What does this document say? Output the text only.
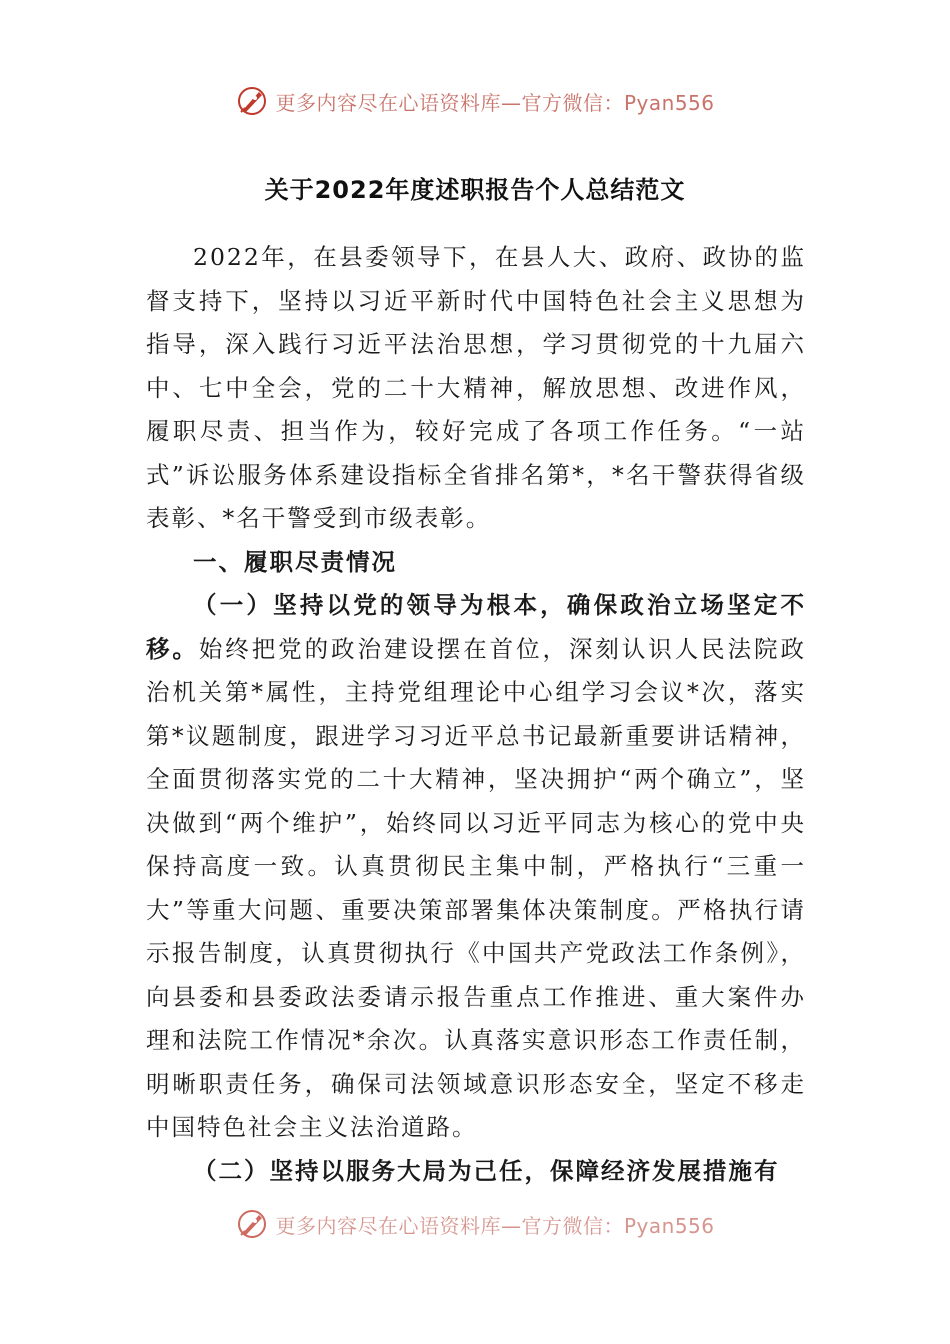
更多内容尽在心语资料库—官方微信：Pyan556
关于2022年度述职报告个人总结范文

2022年，在县委领导下，在县人大、政府、政协的监督支持下，坚持以习近平新时代中国特色社会主义思想为指导，深入践行习近平法治思想，学习贯彻党的十九届六中、七中全会，党的二十大精神，解放思想、改进作风，履职尽责、担当作为，较好完成了各项工作任务。“一站式”诉讼服务体系建设指标全省排名第*，*名干警获得省级表彰、*名干警受到市级表彰。

一、履职尽责情况

（一）坚持以党的领导为根本，确保政治立场坚定不移。始终把党的政治建设摆在首位，深刻认识人民法院政治机关第*属性，主持党组理论中心组学习会议*次，落实第*议题制度，跟进学习习近平总书记最新重要讲话精神，全面贯彻落实党的二十大精神，坚决拥护“两个确立”，坚决做到“两个维护”，始终同以习近平同志为核心的党中央保持高度一致。认真贯彻民主集中制，严格执行“三重一大”等重大问题、重要决策部署集体决策制度。严格执行请示报告制度，认真贯彻执行《中国共产党政法工作条例》，向县委和县委政法委请示报告重点工作推进、重大案件办理和法院工作情况*余次。认真落实意识形态工作责任制，明晰职责任务，确保司法领域意识形态安全，坚定不移走中国特色社会主义法治道路。

（二）坚持以服务大局为己任，保障经济发展措施有

更多内容尽在心语资料库—官方微信：Pyan556
